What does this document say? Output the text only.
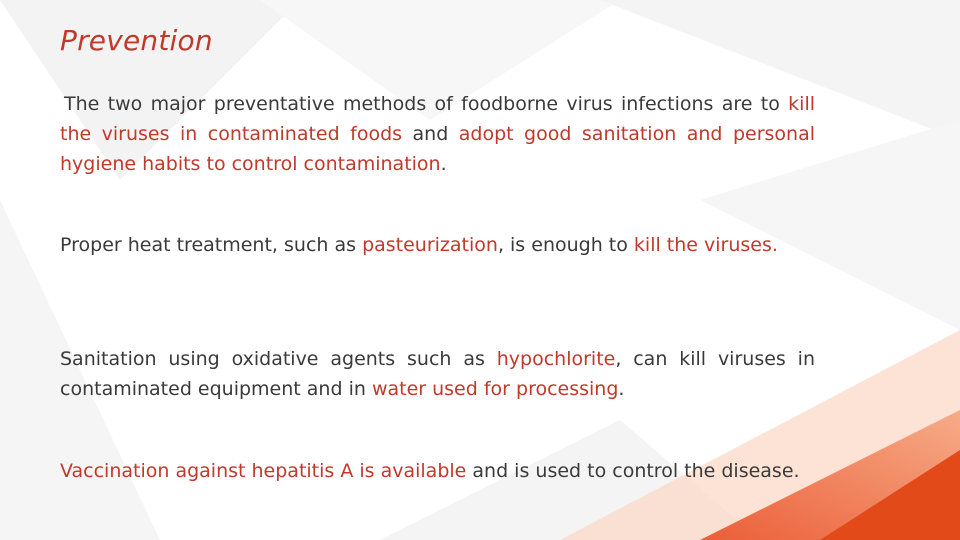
Prevention

The two major preventative methods of foodborne virus infections are to kill the viruses in contaminated foods and adopt good sanitation and personal hygiene habits to control contamination.

Proper heat treatment, such as pasteurization, is enough to kill the viruses.

Sanitation using oxidative agents such as hypochlorite, can kill viruses in contaminated equipment and in water used for processing.

Vaccination against hepatitis A is available and is used to control the disease.
